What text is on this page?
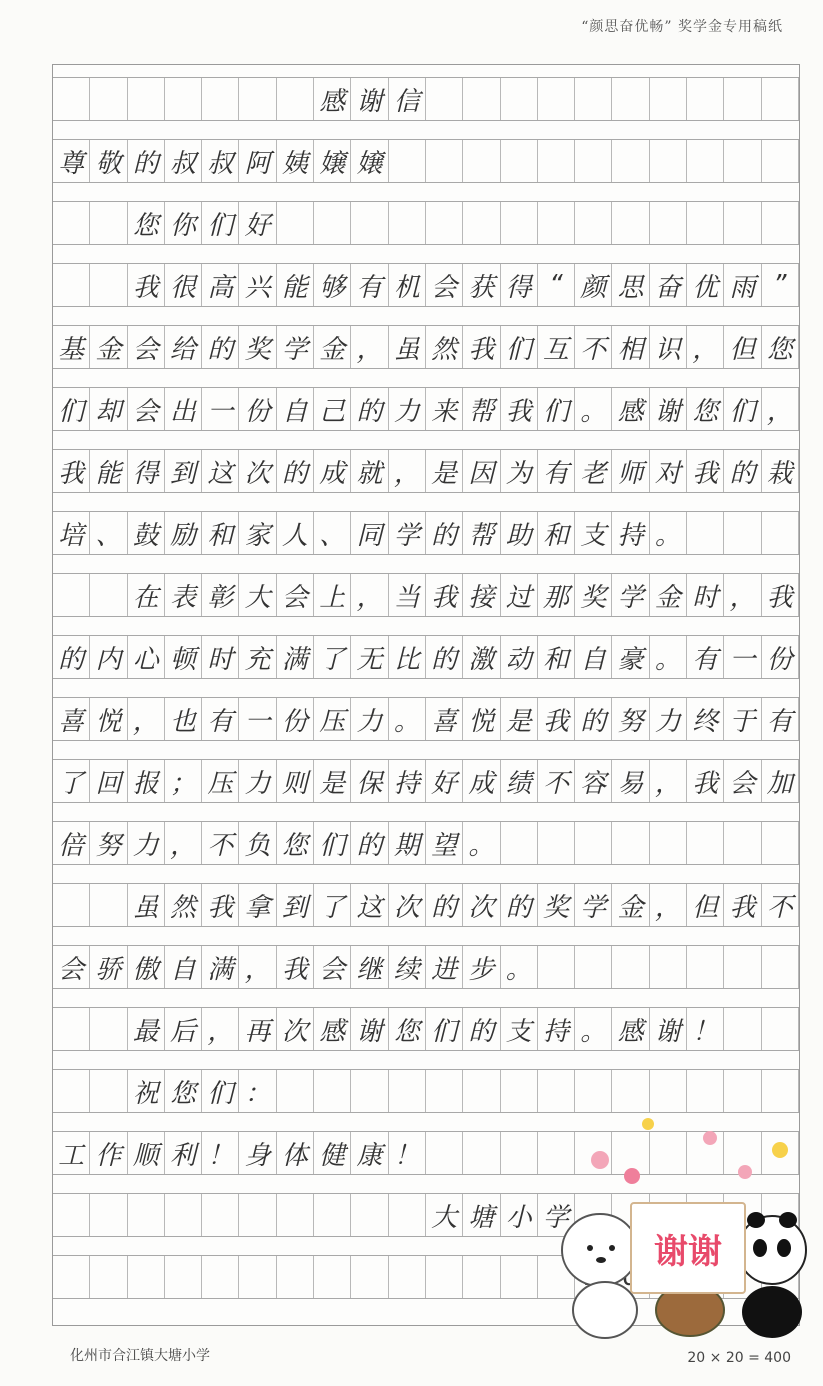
“颜思奋优畅” 奖学金专用稿纸
感 谢 信
尊 敬 的 叔 叔 阿 姨 嬢 嬢
您 你 们 好
我 很 高 兴 能 够 有 机 会 获 得 “ 颜 思 奋 优 雨 ”
基 金 会 给 的 奖 学 金 ， 虽 然 我 们 互 不 相 识 ， 但 您
们 却 会 出 一 份 自 己 的 力 来 帮 我 们 。 感 谢 您 们 ，
我 能 得 到 这 次 的 成 就 ， 是 因 为 有 老 师 对 我 的 栽
培 、 鼓 励 和 家 人 、 同 学 的 帮 助 和 支 持 。
在 表 彰 大 会 上 ， 当 我 接 过 那 奖 学 金 时 ， 我
的 内 心 顿 时 充 满 了 无 比 的 激 动 和 自 豪 。 有 一 份
喜 悦 ， 也 有 一 份 压 力 。 喜 悦 是 我 的 努 力 终 于 有
了 回 报 ； 压 力 则 是 保 持 好 成 绩 不 容 易 ， 我 会 加
倍 努 力 ， 不 负 您 们 的 期 望 。
虽 然 我 拿 到 了 这 次 的 次 的 奖 学 金 ， 但 我 不
会 骄 傲 自 满 ， 我 会 继 续 进 步 。
最 后 ， 再 次 感 谢 您 们 的 支 持 。 感 谢 ！
祝 您 们 ：
工 作 顺 利 ！ 身 体 健 康 ！
大 塘 小 学
谢谢
化州市合江镇大塘小学	20 × 20 = 400
